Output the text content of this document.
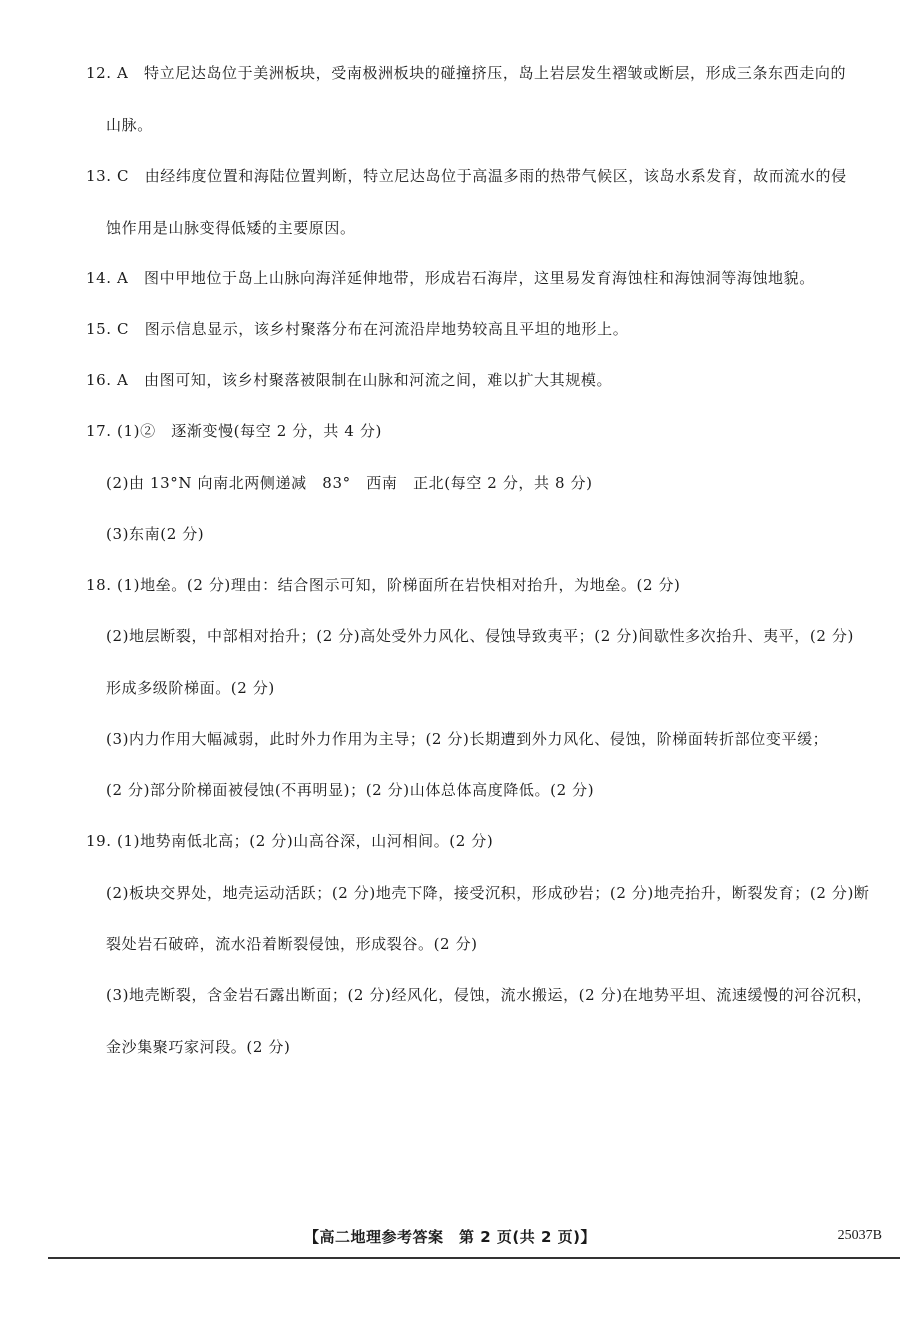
12. A　特立尼达岛位于美洲板块，受南极洲板块的碰撞挤压，岛上岩层发生褶皱或断层，形成三条东西走向的
山脉。
13. C　由经纬度位置和海陆位置判断，特立尼达岛位于高温多雨的热带气候区，该岛水系发育，故而流水的侵
蚀作用是山脉变得低矮的主要原因。
14. A　图中甲地位于岛上山脉向海洋延伸地带，形成岩石海岸，这里易发育海蚀柱和海蚀洞等海蚀地貌。
15. C　图示信息显示，该乡村聚落分布在河流沿岸地势较高且平坦的地形上。
16. A　由图可知，该乡村聚落被限制在山脉和河流之间，难以扩大其规模。
17. (1)②　逐渐变慢(每空 2 分，共 4 分)
(2)由 13°N 向南北两侧递减　83°　西南　正北(每空 2 分，共 8 分)
(3)东南(2 分)
18. (1)地垒。(2 分)理由：结合图示可知，阶梯面所在岩快相对抬升，为地垒。(2 分)
(2)地层断裂，中部相对抬升；(2 分)高处受外力风化、侵蚀导致夷平；(2 分)间歇性多次抬升、夷平，(2 分)
形成多级阶梯面。(2 分)
(3)内力作用大幅减弱，此时外力作用为主导；(2 分)长期遭到外力风化、侵蚀，阶梯面转折部位变平缓；
(2 分)部分阶梯面被侵蚀(不再明显)；(2 分)山体总体高度降低。(2 分)
19. (1)地势南低北高；(2 分)山高谷深，山河相间。(2 分)
(2)板块交界处，地壳运动活跃；(2 分)地壳下降，接受沉积，形成砂岩；(2 分)地壳抬升，断裂发育；(2 分)断
裂处岩石破碎，流水沿着断裂侵蚀，形成裂谷。(2 分)
(3)地壳断裂，含金岩石露出断面；(2 分)经风化，侵蚀，流水搬运，(2 分)在地势平坦、流速缓慢的河谷沉积，
金沙集聚巧家河段。(2 分)
【高二地理参考答案　第 2 页(共 2 页)】	25037B
